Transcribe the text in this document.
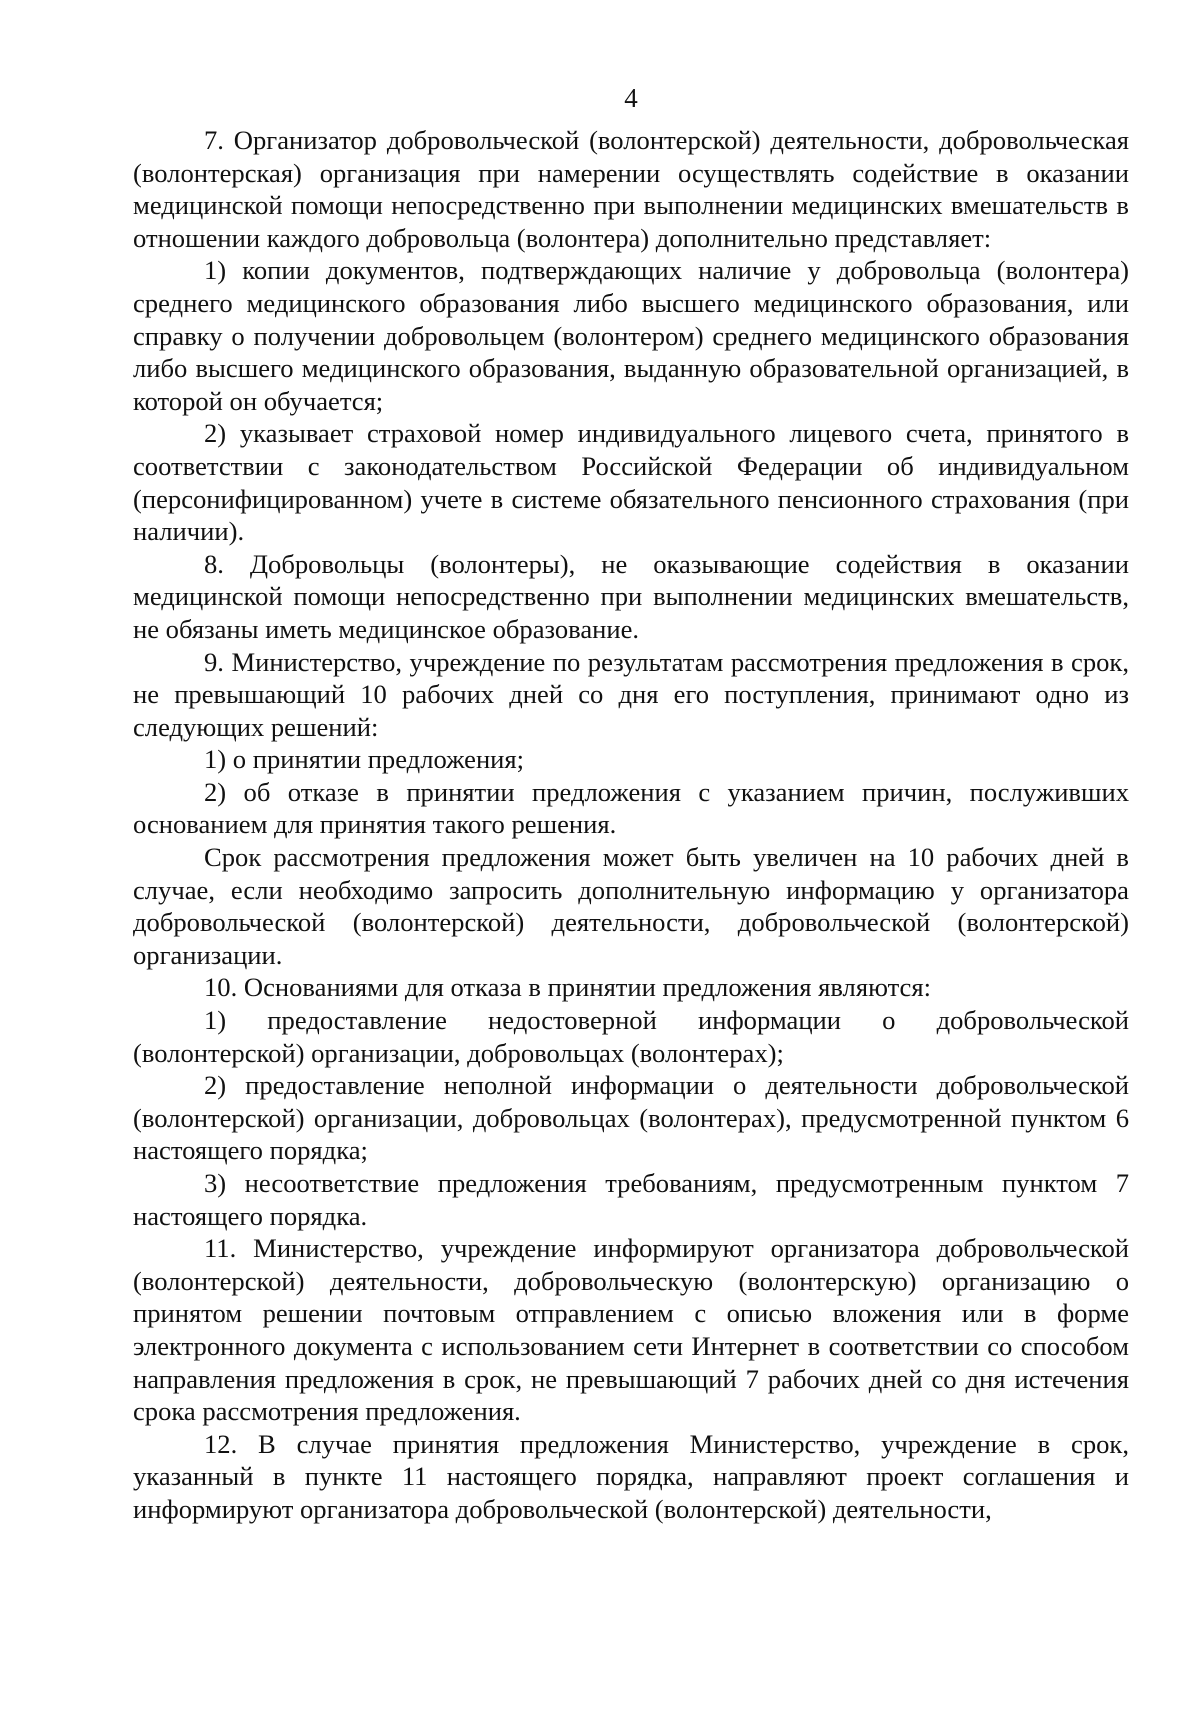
4

7. Организатор добровольческой (волонтерской) деятельности, добровольческая (волонтерская) организация при намерении осуществлять содействие в оказании медицинской помощи непосредственно при выполнении медицинских вмешательств в отношении каждого добровольца (волонтера) дополнительно представляет:

1) копии документов, подтверждающих наличие у добровольца (волонтера) среднего медицинского образования либо высшего медицинского образования, или справку о получении добровольцем (волонтером) среднего медицинского образования либо высшего медицинского образования, выданную образовательной организацией, в которой он обучается;

2) указывает страховой номер индивидуального лицевого счета, принятого в соответствии с законодательством Российской Федерации об индивидуальном (персонифицированном) учете в системе обязательного пенсионного страхования (при наличии).

8. Добровольцы (волонтеры), не оказывающие содействия в оказании медицинской помощи непосредственно при выполнении медицинских вмешательств, не обязаны иметь медицинское образование.

9. Министерство, учреждение по результатам рассмотрения предложения в срок, не превышающий 10 рабочих дней со дня его поступления, принимают одно из следующих решений:

1) о принятии предложения;

2) об отказе в принятии предложения с указанием причин, послуживших основанием для принятия такого решения.

Срок рассмотрения предложения может быть увеличен на 10 рабочих дней в случае, если необходимо запросить дополнительную информацию у организатора добровольческой (волонтерской) деятельности, добровольческой (волонтерской) организации.

10. Основаниями для отказа в принятии предложения являются:

1) предоставление недостоверной информации о добровольческой (волонтерской) организации, добровольцах (волонтерах);

2) предоставление неполной информации о деятельности добровольческой (волонтерской) организации, добровольцах (волонтерах), предусмотренной пунктом 6 настоящего порядка;

3) несоответствие предложения требованиям, предусмотренным пунктом 7 настоящего порядка.

11. Министерство, учреждение информируют организатора добровольческой (волонтерской) деятельности, добровольческую (волонтерскую) организацию о принятом решении почтовым отправлением с описью вложения или в форме электронного документа с использованием сети Интернет в соответствии со способом направления предложения в срок, не превышающий 7 рабочих дней со дня истечения срока рассмотрения предложения.

12. В случае принятия предложения Министерство, учреждение в срок, указанный в пункте 11 настоящего порядка, направляют проект соглашения и информируют организатора добровольческой (волонтерской) деятельности,
